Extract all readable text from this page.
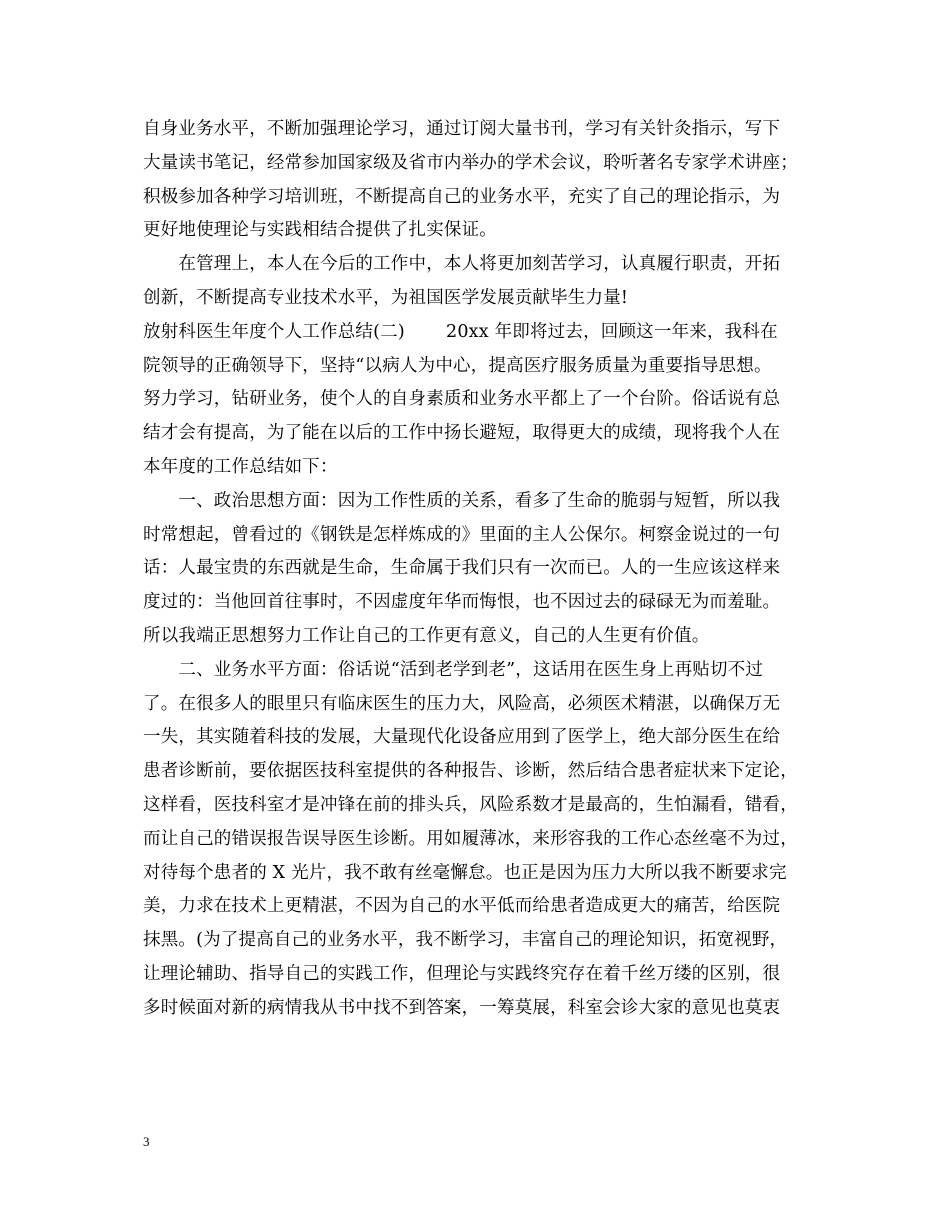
自身业务水平，不断加强理论学习，通过订阅大量书刊，学习有关针灸指示，写下
大量读书笔记，经常参加国家级及省市内举办的学术会议，聆听著名专家学术讲座；
积极参加各种学习培训班，不断提高自己的业务水平，充实了自己的理论指示，为
更好地使理论与实践相结合提供了扎实保证。
　　在管理上，本人在今后的工作中，本人将更加刻苦学习，认真履行职责，开拓
创新，不断提高专业技术水平，为祖国医学发展贡献毕生力量!
放射科医生年度个人工作总结(二)　　 20xx 年即将过去，回顾这一年来，我科在
院领导的正确领导下，坚持“以病人为中心，提高医疗服务质量为重要指导思想。
努力学习，钻研业务，使个人的自身素质和业务水平都上了一个台阶。俗话说有总
结才会有提高，为了能在以后的工作中扬长避短，取得更大的成绩，现将我个人在
本年度的工作总结如下：
　　一、政治思想方面：因为工作性质的关系，看多了生命的脆弱与短暂，所以我
时常想起，曾看过的《钢铁是怎样炼成的》里面的主人公保尔。柯察金说过的一句
话：人最宝贵的东西就是生命，生命属于我们只有一次而已。人的一生应该这样来
度过的：当他回首往事时，不因虚度年华而悔恨，也不因过去的碌碌无为而羞耻。
所以我端正思想努力工作让自己的工作更有意义，自己的人生更有价值。
　　二、业务水平方面：俗话说“活到老学到老”，这话用在医生身上再贴切不过
了。在很多人的眼里只有临床医生的压力大，风险高，必须医术精湛，以确保万无
一失，其实随着科技的发展，大量现代化设备应用到了医学上，绝大部分医生在给
患者诊断前，要依据医技科室提供的各种报告、诊断，然后结合患者症状来下定论，
这样看，医技科室才是冲锋在前的排头兵，风险系数才是最高的，生怕漏看，错看，
而让自己的错误报告误导医生诊断。用如履薄冰，来形容我的工作心态丝毫不为过，
对待每个患者的 X 光片，我不敢有丝毫懈怠。也正是因为压力大所以我不断要求完
美，力求在技术上更精湛，不因为自己的水平低而给患者造成更大的痛苦，给医院
抹黑。(为了提高自己的业务水平，我不断学习，丰富自己的理论知识，拓宽视野，
让理论辅助、指导自己的实践工作，但理论与实践终究存在着千丝万缕的区别，很
多时候面对新的病情我从书中找不到答案，一筹莫展，科室会诊大家的意见也莫衷
3
